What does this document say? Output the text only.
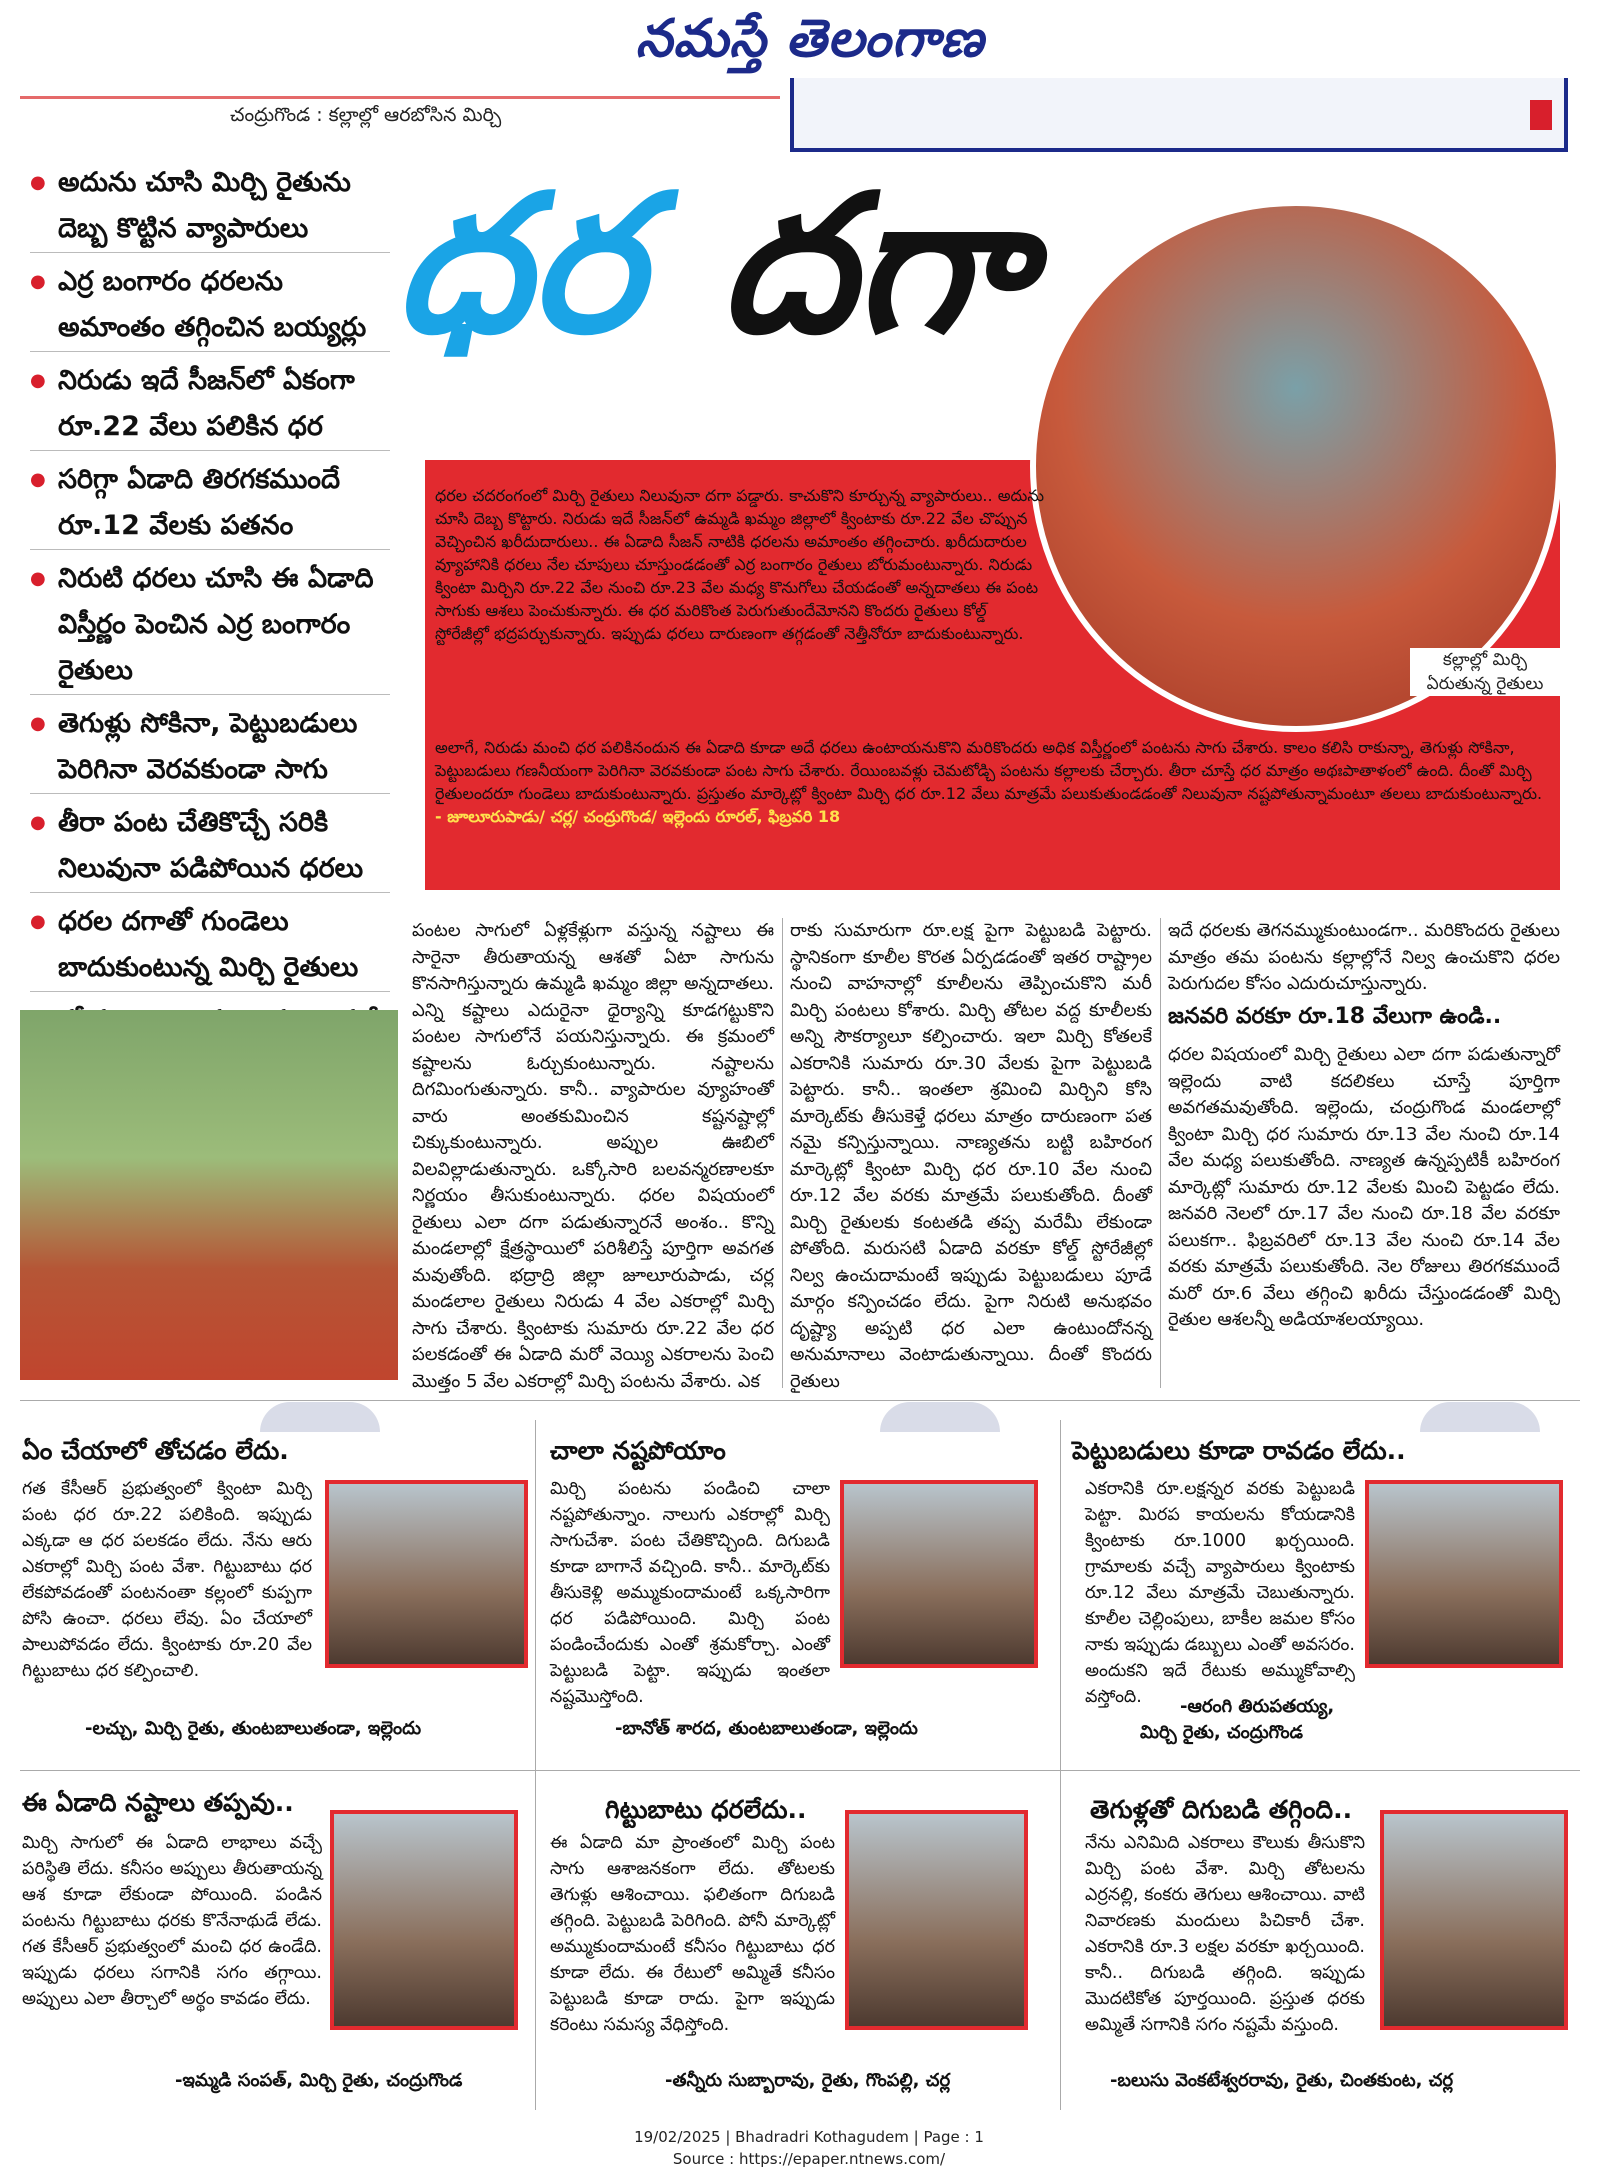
నమస్తే తెలంగాణ
చంద్రుగొండ : కల్లాల్లో ఆరబోసిన మిర్చి
● అదును చూసి మిర్చి రైతును దెబ్బ కొట్టిన వ్యాపారులు
● ఎర్ర బంగారం ధరలను అమాంతం తగ్గించిన బయ్యర్లు
● నిరుడు ఇదే సీజన్‌లో ఏకంగా రూ.22 వేలు పలికిన ధర
● సరిగ్గా ఏడాది తిరగకముందే రూ.12 వేలకు పతనం
● నిరుటి ధరలు చూసి ఈ ఏడాది విస్తీర్ణం పెంచిన ఎర్ర బంగారం రైతులు
● తెగుళ్లు సోకినా, పెట్టుబడులు పెరిగినా వెరవకుండా సాగు
● తీరా పంట చేతికొచ్చే సరికి నిలువునా పడిపోయిన ధరలు
● ధరల దగాతో గుండెలు బాదుకుంటున్న మిర్చి రైతులు
●
ధర దగా
కల్లాల్లో మిర్చి ఏరుతున్న రైతులు

ధరల చదరంగంలో మిర్చి రైతులు నిలువునా దగా పడ్డారు. కాచుకొని కూర్చున్న వ్యాపారులు.. అదును చూసి దెబ్బ కొట్టారు. నిరుడు ఇదే సీజన్‌లో ఉమ్మడి ఖమ్మం జిల్లాలో క్వింటాకు రూ.22 వేల చొప్పున వెచ్చించిన ఖరీదుదారులు.. ఈ ఏడాది సీజన్ నాటికి ధరలను అమాంతం తగ్గించారు. ఖరీదుదారుల వ్యూహానికి ధరలు నేల చూపులు చూస్తుండడంతో ఎర్ర బంగారం రైతులు బోరుమంటున్నారు. నిరుడు క్వింటా మిర్చిని రూ.22 వేల నుంచి రూ.23 వేల మధ్య కొనుగోలు చేయడంతో అన్నదాతలు ఈ పంట సాగుకు ఆశలు పెంచుకున్నారు. ఈ ధర మరికొంత పెరుగుతుందేమోనని కొందరు రైతులు కోల్డ్ స్టోరేజీల్లో భద్రపర్చుకున్నారు. ఇప్పుడు ధరలు దారుణంగా తగ్గడంతో నెత్తీనోరూ బాదుకుంటున్నారు.

అలాగే, నిరుడు మంచి ధర పలికినందున ఈ ఏడాది కూడా అదే ధరలు ఉంటాయనుకొని మరికొందరు అధిక విస్తీర్ణంలో పంటను సాగు చేశారు. కాలం కలిసి రాకున్నా, తెగుళ్లు సోకినా, పెట్టుబడులు గణనీయంగా పెరిగినా వెరవకుండా పంట సాగు చేశారు. రేయింబవళ్లు చెమటోడ్చి పంటను కల్లాలకు చేర్చారు. తీరా చూస్తే ధర మాత్రం అథఃపాతాళంలో ఉంది. దీంతో మిర్చి రైతులందరూ గుండెలు బాదుకుంటున్నారు. ప్రస్తుతం మార్కెట్లో క్వింటా మిర్చి ధర రూ.12 వేలు మాత్రమే పలుకుతుండడంతో నిలువునా నష్టపోతున్నామంటూ తలలు బాదుకుంటున్నారు. - జూలూరుపాడు/ చర్ల/ చంద్రుగొండ/ ఇల్లెందు రూరల్, ఫిబ్రవరి 18

పంటల సాగులో ఏళ్లకేళ్లుగా వస్తున్న నష్టాలు ఈ సారైనా తీరుతాయన్న ఆశతో ఏటా సాగును కొనసాగిస్తున్నారు ఉమ్మడి ఖమ్మం జిల్లా అన్నదాతలు. ఎన్ని కష్టాలు ఎదురైనా ధైర్యాన్ని కూడగట్టుకొని పంటల సాగులోనే పయనిస్తున్నారు. ఈ క్రమంలో కష్టాలను ఓర్చుకుంటున్నారు. నష్టాలను దిగమింగుతున్నారు. కానీ.. వ్యాపారుల వ్యూహంతో వారు అంతకుమించిన కష్టనష్టాల్లో చిక్కుకుంటున్నారు. అప్పుల ఊబిలో విలవిల్లాడుతున్నారు. ఒక్కోసారి బలవన్మరణాలకూ నిర్ణయం తీసుకుంటున్నారు. ధరల విషయంలో రైతులు ఎలా దగా పడుతున్నారనే అంశం.. కొన్ని మండలాల్లో క్షేత్రస్థాయిలో పరిశీలిస్తే పూర్తిగా అవగత మవుతోంది. భద్రాద్రి జిల్లా జూలూరుపాడు, చర్ల మండలాల రైతులు నిరుడు 4 వేల ఎకరాల్లో మిర్చి సాగు చేశారు. క్వింటాకు సుమారు రూ.22 వేల ధర పలకడంతో ఈ ఏడాది మరో వెయ్యి ఎకరాలను పెంచి మొత్తం 5 వేల ఎకరాల్లో మిర్చి పంటను వేశారు. ఎక
రాకు సుమారుగా రూ.లక్ష పైగా పెట్టుబడి పెట్టారు. స్థానికంగా కూలీల కొరత ఏర్పడడంతో ఇతర రాష్ట్రాల నుంచి వాహనాల్లో కూలీలను తెప్పించుకొని మరీ మిర్చి పంటలు కోశారు. మిర్చి తోటల వద్ద కూలీలకు అన్ని సౌకర్యాలూ కల్పించారు. ఇలా మిర్చి కోతలకే ఎకరానికి సుమారు రూ.30 వేలకు పైగా పెట్టుబడి పెట్టారు. కానీ.. ఇంతలా శ్రమించి మిర్చిని కోసి మార్కెట్‌కు తీసుకెళ్తే ధరలు మాత్రం దారుణంగా పత నమై కన్పిస్తున్నాయి. నాణ్యతను బట్టి బహిరంగ మార్కెట్లో క్వింటా మిర్చి ధర రూ.10 వేల నుంచి రూ.12 వేల వరకు మాత్రమే పలుకుతోంది. దీంతో మిర్చి రైతులకు కంటతడి తప్ప మరేమీ లేకుండా పోతోంది. మరుసటి ఏడాది వరకూ కోల్డ్ స్టోరేజీల్లో నిల్వ ఉంచుదామంటే ఇప్పుడు పెట్టుబడులు పూడే మార్గం కన్పించడం లేదు. పైగా నిరుటి అనుభవం దృష్ట్యా అప్పటి ధర ఎలా ఉంటుందోనన్న అనుమానాలు వెంటాడుతున్నాయి. దీంతో కొందరు రైతులు
ఇదే ధరలకు తెగనమ్ముకుంటుండగా.. మరికొందరు రైతులు మాత్రం తమ పంటను కల్లాల్లోనే నిల్వ ఉంచుకొని ధరల పెరుగుదల కోసం ఎదురుచూస్తున్నారు.
జనవరి వరకూ రూ.18 వేలుగా ఉండి..
ధరల విషయంలో మిర్చి రైతులు ఎలా దగా పడుతున్నారో ఇల్లెందు వాటి కదలికలు చూస్తే పూర్తిగా అవగతమవుతోంది. ఇల్లెందు, చంద్రుగొండ మండలాల్లో క్వింటా మిర్చి ధర సుమారు రూ.13 వేల నుంచి రూ.14 వేల మధ్య పలుకుతోంది. నాణ్యత ఉన్నప్పటికీ బహిరంగ మార్కెట్లో సుమారు రూ.12 వేలకు మించి పెట్టడం లేదు. జనవరి నెలలో రూ.17 వేల నుంచి రూ.18 వేల వరకూ పలుకగా.. ఫిబ్రవరిలో రూ.13 వేల నుంచి రూ.14 వేల వరకు మాత్రమే పలుకుతోంది. నెల రోజులు తిరగకముందే మరో రూ.6 వేలు తగ్గించి ఖరీదు చేస్తుండడంతో మిర్చి రైతుల ఆశలన్నీ అడియాశలయ్యాయి.
ఏం చేయాలో తోచడం లేదు.
గత కేసీఆర్ ప్రభుత్వంలో క్వింటా మిర్చి పంట ధర రూ.22 పలికింది. ఇప్పుడు ఎక్కడా ఆ ధర పలకడం లేదు. నేను ఆరు ఎకరాల్లో మిర్చి పంట వేశా. గిట్టుబాటు ధర లేకపోవడంతో పంటనంతా కల్లంలో కుప్పగా పోసి ఉంచా. ధరలు లేవు. ఏం చేయాలో పాలుపోవడం లేదు. క్వింటాకు రూ.20 వేల గిట్టుబాటు ధర కల్పించాలి.
-లచ్చు, మిర్చి రైతు, తుంటబాలుతండా, ఇల్లెందు
చాలా నష్టపోయాం
మిర్చి పంటను పండించి చాలా నష్టపోతున్నాం. నాలుగు ఎకరాల్లో మిర్చి సాగుచేశా. పంట చేతికొచ్చింది. దిగుబడి కూడా బాగానే వచ్చింది. కానీ.. మార్కెట్‌కు తీసుకెళ్లి అమ్ముకుందామంటే ఒక్కసారిగా ధర పడిపోయింది. మిర్చి పంట పండించేందుకు ఎంతో శ్రమకోర్చా. ఎంతో పెట్టుబడి పెట్టా. ఇప్పుడు ఇంతలా నష్టమొస్తోంది.
-బానోత్ శారద, తుంటబాలుతండా, ఇల్లెందు
పెట్టుబడులు కూడా రావడం లేదు..
ఎకరానికి రూ.లక్షన్నర వరకు పెట్టుబడి పెట్టా. మిరప కాయలను కోయడానికి క్వింటాకు రూ.1000 ఖర్చయింది. గ్రామాలకు వచ్చే వ్యాపారులు క్వింటాకు రూ.12 వేలు మాత్రమే చెబుతున్నారు. కూలీల చెల్లింపులు, బాకీల జమల కోసం నాకు ఇప్పుడు డబ్బులు ఎంతో అవసరం. అందుకని ఇదే రేటుకు అమ్ముకోవాల్సి వస్తోంది.	-ఆరంగి తిరుపతయ్య,
మిర్చి రైతు, చంద్రుగొండ
ఈ ఏడాది నష్టాలు తప్పవు..
మిర్చి సాగులో ఈ ఏడాది లాభాలు వచ్చే పరిస్థితి లేదు. కనీసం అప్పులు తీరుతాయన్న ఆశ కూడా లేకుండా పోయింది. పండిన పంటను గిట్టుబాటు ధరకు కొనేనాథుడే లేడు. గత కేసీఆర్ ప్రభుత్వంలో మంచి ధర ఉండేది. ఇప్పుడు ధరలు సగానికి సగం తగ్గాయి. అప్పులు ఎలా తీర్చాలో అర్థం కావడం లేదు.
-ఇమ్మడి సంపత్, మిర్చి రైతు, చంద్రుగొండ
గిట్టుబాటు ధరలేదు..
ఈ ఏడాది మా ప్రాంతంలో మిర్చి పంట సాగు ఆశాజనకంగా లేదు. తోటలకు తెగుళ్లు ఆశించాయి. ఫలితంగా దిగుబడి తగ్గింది. పెట్టుబడి పెరిగింది. పోనీ మార్కెట్లో అమ్ముకుందామంటే కనీసం గిట్టుబాటు ధర కూడా లేదు. ఈ రేటులో అమ్మితే కనీసం పెట్టుబడి కూడా రాదు. పైగా ఇప్పుడు కరెంటు సమస్య వేధిస్తోంది.
-తన్నీరు సుబ్బారావు, రైతు, గొంపల్లి, చర్ల
తెగుళ్లతో దిగుబడి తగ్గింది..
నేను ఎనిమిది ఎకరాలు కౌలుకు తీసుకొని మిర్చి పంట వేశా. మిర్చి తోటలను ఎర్రనల్లి, కంకరు తెగులు ఆశించాయి. వాటి నివారణకు మందులు పిచికారీ చేశా. ఎకరానికి రూ.3 లక్షల వరకూ ఖర్చయింది. కానీ.. దిగుబడి తగ్గింది. ఇప్పుడు మొదటికోత పూర్తయింది. ప్రస్తుత ధరకు అమ్మితే సగానికి సగం నష్టమే వస్తుంది.
-బలుసు వెంకటేశ్వరరావు, రైతు, చింతకుంట, చర్ల
19/02/2025 | Bhadradri Kothagudem | Page : 1
Source : https://epaper.ntnews.com/
